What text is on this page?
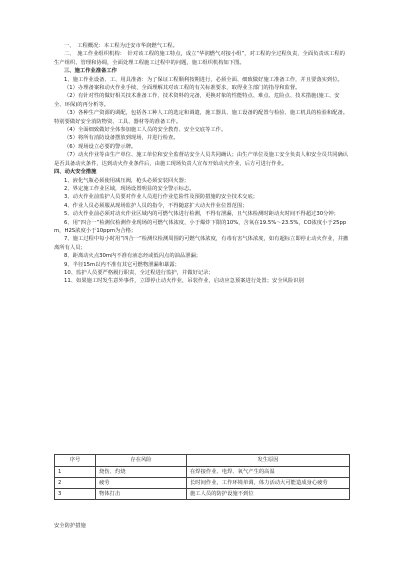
一、　工程概况：本工程为迁安市华润燃气工程。

二、　施工作业组织机构：　针对该工程的施工特点，成立“华润燃气对接小组”，对工程的全过程负责，全面负责该工程的生产组织、管理和协调，全面处理工程施工过程中的问题，施工组织机构如下图。

三、施工作业准备工作

1、施工作业设备、工、用具准备：为了保证工程顺利按期进行，必须全面、细致做好施工准备工作，并且要落实到位。

（1）办理备案和动火作业手续，全面理解其对该工程的有关标准要求，取得业主部门的指导和监督。

（2）有针对性的做好相关技术准备工作，技术资料的完备，更换对象的性能特点、难点、危险点、技术措施(施工、安全、环保)的再分析等。

（3）各种生产资源的调配，包括各工种人工的选定和调遣，施工器具、施工设备的配置与检验、施工机具的检验和配备。特别要做好安全消防物资、工具、器材等的准备工作。

（4）全面细致做好全体参加施工人员的安全教育、安全交底等工作。

（5）将所有消防设备摆放到现场，并进行检查。

（6）现场设立必要的警示牌。

（7）动火作业等由生产单位、施工单位和安全监督站安全人员共同确认；由生产单位及施工安全负责人和安全员共同确认是否具备动火条件，达到动火作业条件后，由施工现场负责人宣布开始动火作业，后方可进行作业。

四、动火安全措施

1、液化气瓶必须使用减压阀，枪头必须安装回火器；

2、界定施工作业区域，现场设置明显的安全警示标志。

3、动火作业前监护人员要对作业人员进行作业危险性及预防措施的安全技术交底；

4、作业人员必须服从现场监护人员的指令，不得随意扩大动火作业位置范围；

5、动火作业前必须对动火作业区域内的可燃气体进行检测，不得有泄漏，且气体检测时距动火时间不得超过30分钟；

6、用“四合一”检测仪检测作业现场的可燃气体浓度，小于爆炸下限的10%，含氧在19.5%～23.5%，CO浓度小于25ppm，H2S浓度小于10ppm为合格；

7、施工过程中每小时用“四合一”检测仪检测周围的可燃气体浓度，有毒有害气体浓度，如有超标立即停止动火作业，并撤离所有人员；

8、距离动火点30m内不准有液态烃或低闪点的油品泄漏；

9、半径15m以内不准有其它可燃物泄漏和暴露；

10、监护人员要严格履行职责，全过程进行监护，并做好记录；

11、如果施工时发生意外事件，立即停止动火作业，吊装作业，启动应急预案进行处置；安全风险识别

序号	存在风险	发生原因
1	烧伤、灼烧	在焊接作业、电焊、氧气产生的高温
2	疲劳	长时间作业，工作环境单调，体力活动大可能造成身心疲劳
3	物体打击	施工人员的防护设施不到位
安全防护措施
